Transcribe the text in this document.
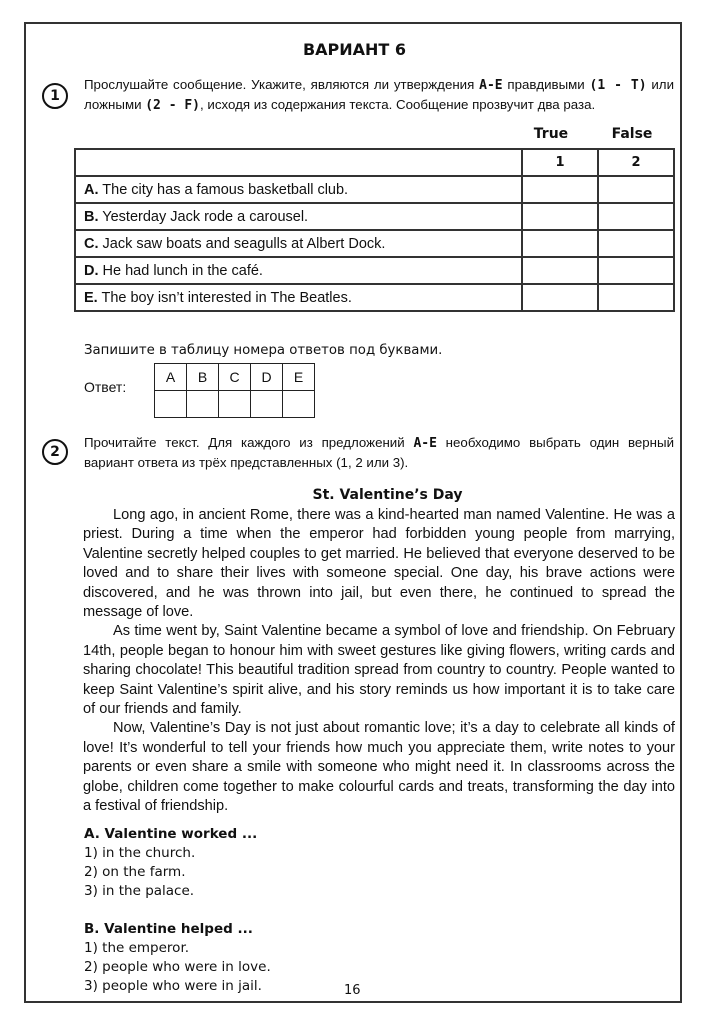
ВАРИАНТ 6
1
Прослушайте сообщение. Укажите, являются ли утверждения A-E правдивыми (1 - T) или ложными (2 - F), исходя из содержания текста. Сообщение прозвучит два раза.
True	False
	1	2
A. The city has a famous basketball club.		
B. Yesterday Jack rode a carousel.		
C. Jack saw boats and seagulls at Albert Dock.		
D. He had lunch in the café.		
E. The boy isn’t interested in The Beatles.		
Запишите в таблицу номера ответов под буквами.
Ответ:
A	B	C	D	E

2
Прочитайте текст. Для каждого из предложений A-E необходимо выбрать один верный вариант ответа из трёх представленных (1, 2 или 3).
St. Valentine’s Day

Long ago, in ancient Rome, there was a kind-hearted man named Valentine. He was a priest. During a time when the emperor had forbidden young people from marrying, Valentine secretly helped couples to get married. He believed that everyone deserved to be loved and to share their lives with someone special. One day, his brave actions were discovered, and he was thrown into jail, but even there, he continued to spread the message of love.

As time went by, Saint Valentine became a symbol of love and friendship. On February 14th, people began to honour him with sweet gestures like giving flowers, writing cards and sharing chocolate! This beautiful tradition spread from country to country. People wanted to keep Saint Valentine’s spirit alive, and his story reminds us how important it is to take care of our friends and family.

Now, Valentine’s Day is not just about romantic love; it’s a day to celebrate all kinds of love! It’s wonderful to tell your friends how much you appreciate them, write notes to your parents or even share a smile with someone who might need it. In classrooms across the globe, children come together to make colourful cards and treats, transforming the day into a festival of friendship.

A. Valentine worked ...
1) in the church.
2) on the farm.
3) in the palace.
B. Valentine helped ...
1) the emperor.
2) people who were in love.
3) people who were in jail.	16
